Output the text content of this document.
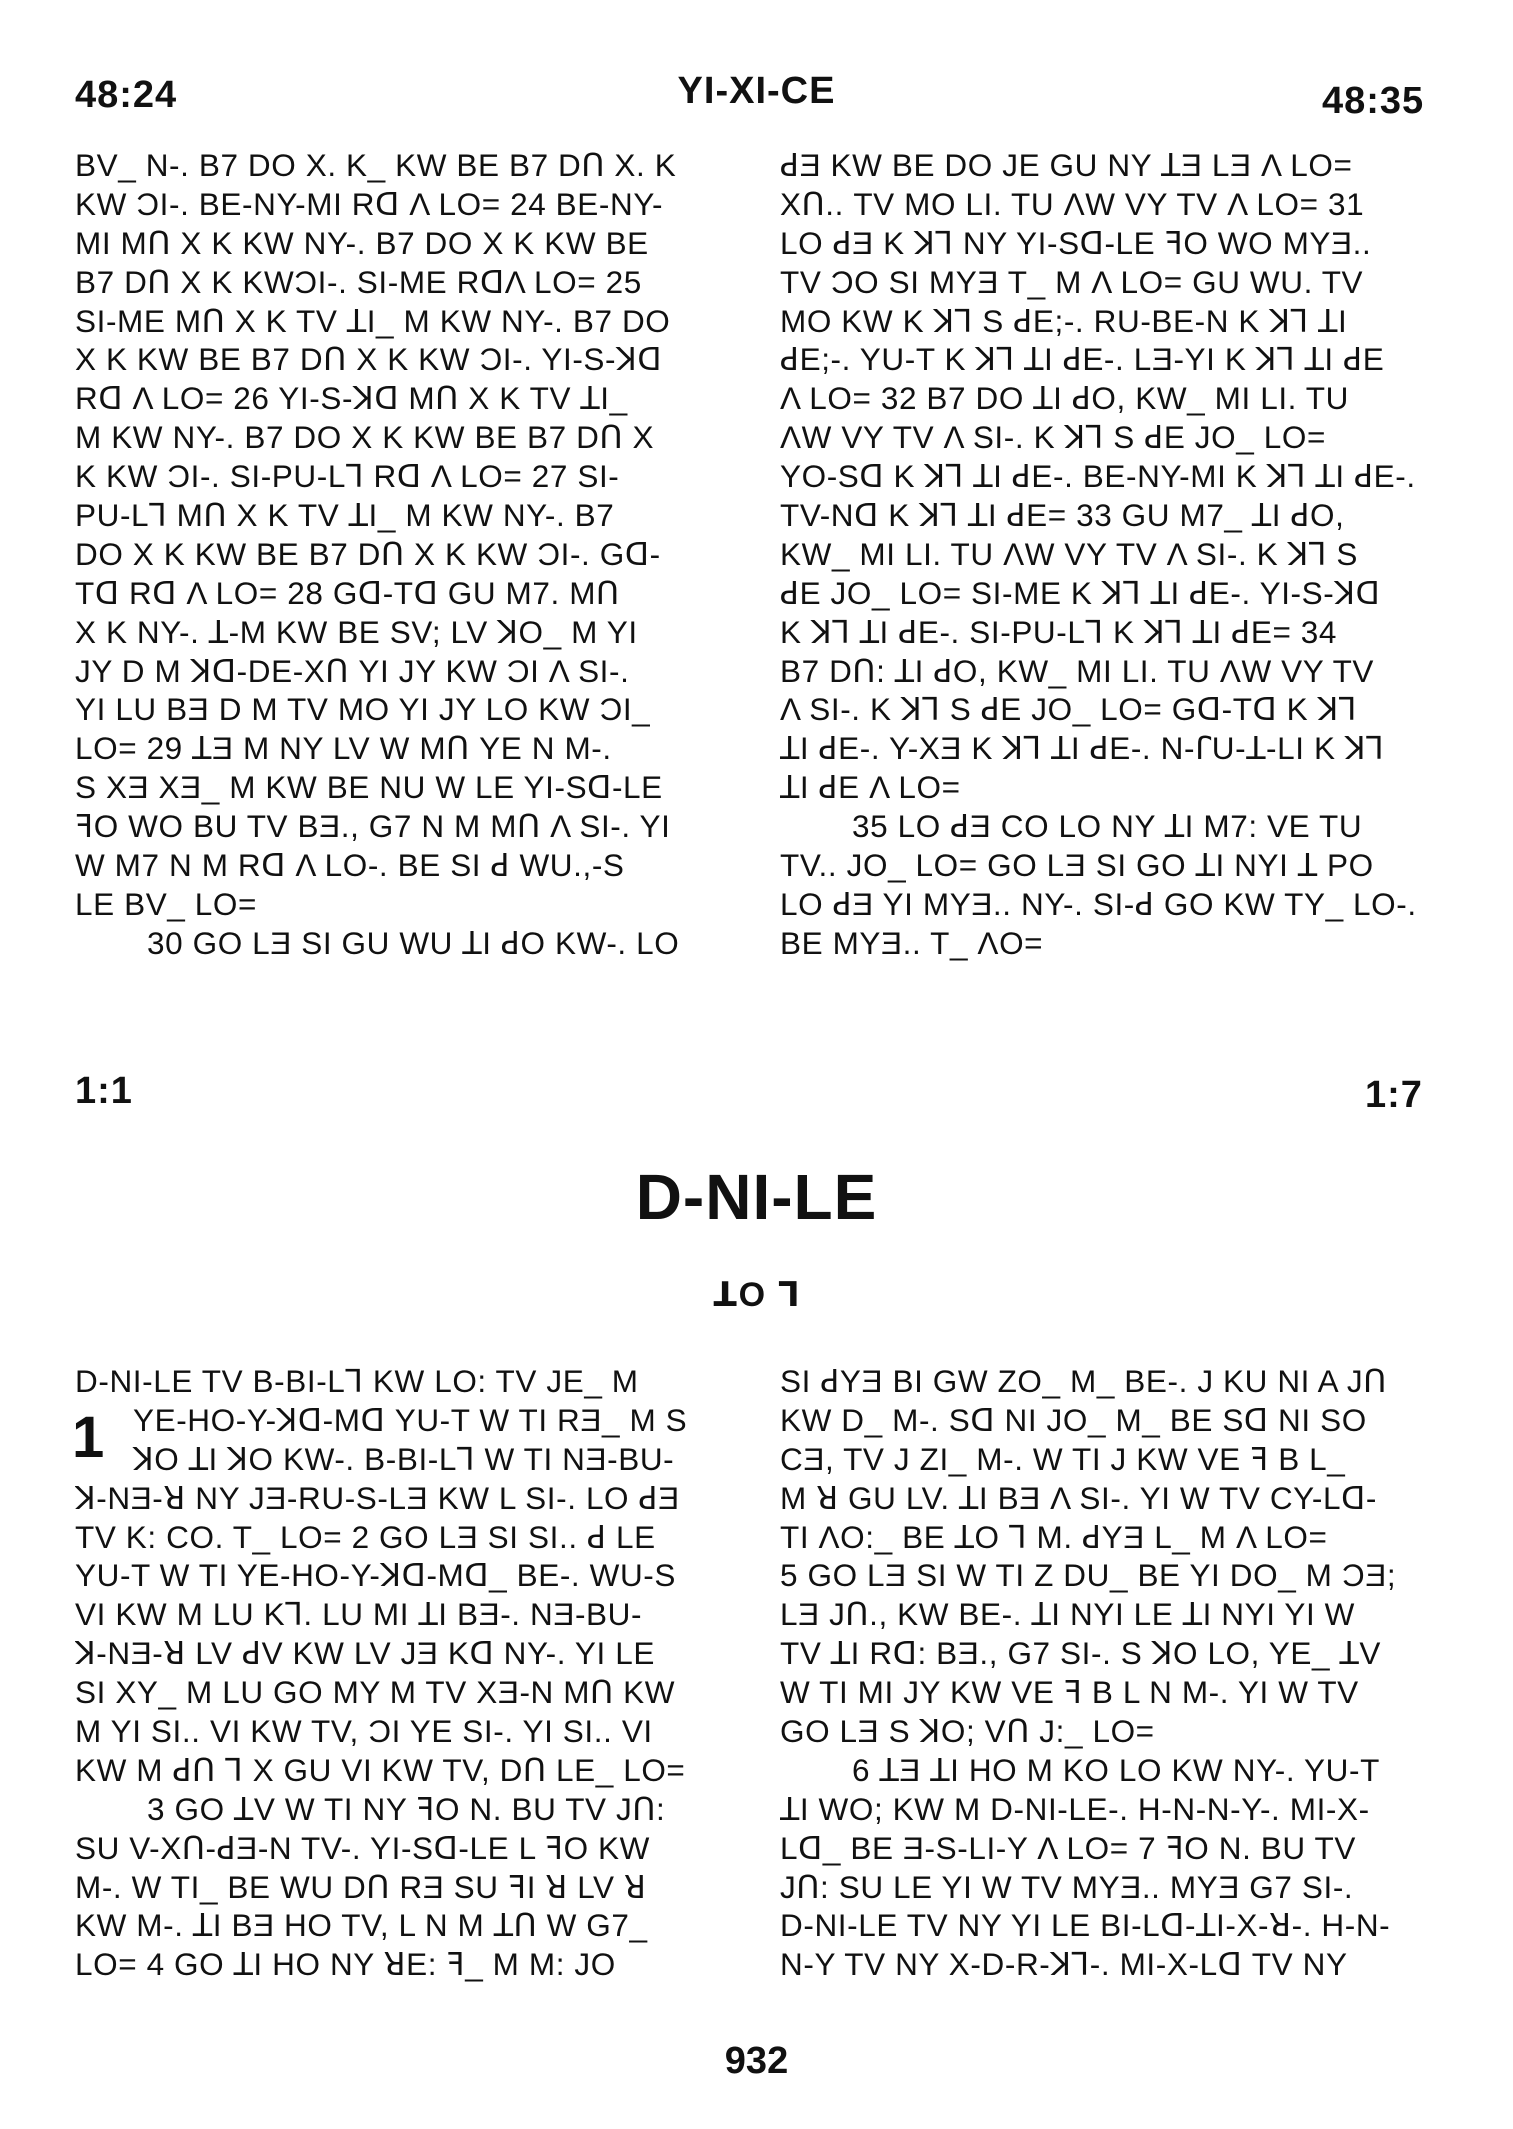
48:24	YI-XI-CE	48:35
BV_ N-. B7 DO X. K_ KW BE B7 Dꓵ X. K
KW ƆI-. BE-NY-MI Rꓷ Λ LO= 24 BE-NY-
MI Mꓵ X K KW NY-. B7 DO X K KW BE
B7 Dꓵ X K KWƆI-. SI-ME RꓷΛ LO= 25
SI-ME Mꓵ X K TV ꓕI_ M KW NY-. B7 DO
X K KW BE B7 Dꓵ X K KW ƆI-. YI-S-ꓘꓷ
Rꓷ Λ LO= 26 YI-S-ꓘꓷ Mꓵ X K TV ꓕI_
M KW NY-. B7 DO X K KW BE B7 Dꓵ X
K KW ƆI-. SI-PU-Lꓶ Rꓷ Λ LO= 27 SI-
PU-Lꓶ Mꓵ X K TV ꓕI_ M KW NY-. B7
DO X K KW BE B7 Dꓵ X K KW ƆI-. Gꓷ-
Tꓷ Rꓷ Λ LO= 28 Gꓷ-Tꓷ GU M7. Mꓵ
X K NY-. ꓕ-M KW BE SV; LV ꓘO_ M YI
JY D M ꓘꓷ-DE-Xꓵ YI JY KW ƆI Λ SI-.
YI LU BƎ D M TV MO YI JY LO KW ƆI_
LO= 29 ꓕƎ M NY LV W Mꓵ YE N M-.
S XƎ XƎ_ M KW BE NU W LE YI-Sꓷ-LE
ꟻO WO BU TV BƎ., G7 N M Mꓵ Λ SI-. YI
W M7 N M Rꓷ Λ LO-. BE SI ꓒ WU.,-S
LE BV_ LO=
30 GO LƎ SI GU WU ꓕI ꓒO KW-. LO
ꓒƎ KW BE DO JE GU NY ꓕƎ LƎ Λ LO=
Xꓵ.. TV MO LI. TU ΛW VY TV Λ LO= 31
LO ꓒƎ K ꓘꓶ NY YI-Sꓷ-LE ꟻO WO MYƎ..
TV ƆO SI MYƎ T_ M Λ LO= GU WU. TV
MO KW K ꓘꓶ S ꓒE;-. RU-BE-N K ꓘꓶ ꓕI
ꓒE;-. YU-T K ꓘꓶ ꓕI ꓒE-. LƎ-YI K ꓘꓶ ꓕI ꓒE
Λ LO= 32 B7 DO ꓕI ꓒO, KW_ MI LI. TU
ΛW VY TV Λ SI-. K ꓘꓶ S ꓒE JO_ LO=
YO-Sꓷ K ꓘꓶ ꓕI ꓒE-. BE-NY-MI K ꓘꓶ ꓕI ꓒE-.
TV-Nꓷ K ꓘꓶ ꓕI ꓒE= 33 GU M7_ ꓕI ꓒO,
KW_ MI LI. TU ΛW VY TV Λ SI-. K ꓘꓶ S
ꓒE JO_ LO= SI-ME K ꓘꓶ ꓕI ꓒE-. YI-S-ꓘꓷ
K ꓘꓶ ꓕI ꓒE-. SI-PU-Lꓶ K ꓘꓶ ꓕI ꓒE= 34
B7 Dꓵ: ꓕI ꓒO, KW_ MI LI. TU ΛW VY TV
Λ SI-. K ꓘꓶ S ꓒE JO_ LO= Gꓷ-Tꓷ K ꓘꓶ
ꓕI ꓒE-. Y-XƎ K ꓘꓶ ꓕI ꓒE-. N-ꓩU-ꓕ-LI K ꓘꓶ
ꓕI ꓒE Λ LO=
35 LO ꓒƎ CO LO NY ꓕI M7: VE TU
TV.. JO_ LO= GO LƎ SI GO ꓕI NYI ꓕ PO
LO ꓒƎ YI MYƎ.. NY-. SI-ꓒ GO KW TY_ LO-.
BE MYƎ.. T_ ΛO=
1:1	1:7
D-NI-LE
ꓕO ꓶ
1
D-NI-LE TV B-BI-Lꓶ KW LO: TV JE_ M
YE-HO-Y-ꓘꓷ-Mꓷ YU-T W TI RƎ_ M S
ꓘO ꓕI ꓘO KW-. B-BI-Lꓶ W TI NƎ-BU-
ꓘ-NƎ-ꓤ NY JƎ-RU-S-LƎ KW L SI-. LO ꓒƎ
TV K: CO. T_ LO= 2 GO LƎ SI SI.. ꓒ LE
YU-T W TI YE-HO-Y-ꓘꓷ-Mꓷ_ BE-. WU-S
VI KW M LU Kꓶ. LU MI ꓕI BƎ-. NƎ-BU-
ꓘ-NƎ-ꓤ LV ꓒV KW LV JƎ Kꓷ NY-. YI LE
SI XY_ M LU GO MY M TV XƎ-N Mꓵ KW
M YI SI.. VI KW TV, ƆI YE SI-. YI SI.. VI
KW M ꓒꓵ ꓶ X GU VI KW TV, Dꓵ LE_ LO=
3 GO ꓕV W TI NY ꟻO N. BU TV Jꓵ:
SU V-Xꓵ-ꓒƎ-N TV-. YI-Sꓷ-LE L ꟻO KW
M-. W TI_ BE WU Dꓵ RƎ SU ꟻI ꓤ LV ꓤ
KW M-. ꓕI BƎ HO TV, L N M ꓕꓵ W G7_
LO= 4 GO ꓕI HO NY ꓤE: ꟻ_ M M: JO
SI ꓒYƎ BI GW ZO_ M_ BE-. J KU NI A Jꓵ
KW D_ M-. Sꓷ NI JO_ M_ BE Sꓷ NI SO
CƎ, TV J ZI_ M-. W TI J KW VE ꟻ B L_
M ꓤ GU LV. ꓕI BƎ Λ SI-. YI W TV CY-Lꓷ-
TI ΛO:_ BE ꓕO ꓶ M. ꓒYƎ L_ M Λ LO=
5 GO LƎ SI W TI Z DU_ BE YI DO_ M ƆƎ;
LƎ Jꓵ., KW BE-. ꓕI NYI LE ꓕI NYI YI W
TV ꓕI Rꓷ: BƎ., G7 SI-. S ꓘO LO, YE_ ꓕV
W TI MI JY KW VE ꟻ B L N M-. YI W TV
GO LƎ S ꓘO; Vꓵ J:_ LO=
6 ꓕƎ ꓕI HO M KO LO KW NY-. YU-T
ꓕI WO; KW M D-NI-LE-. H-N-N-Y-. MI-X-
Lꓷ_ BE Ǝ-S-LI-Y Λ LO= 7 ꟻO N. BU TV
Jꓵ: SU LE YI W TV MYƎ.. MYƎ G7 SI-.
D-NI-LE TV NY YI LE BI-Lꓷ-ꓕI-X-ꓤ-. H-N-
N-Y TV NY X-D-R-ꓘꓶ-. MI-X-Lꓷ TV NY
932
